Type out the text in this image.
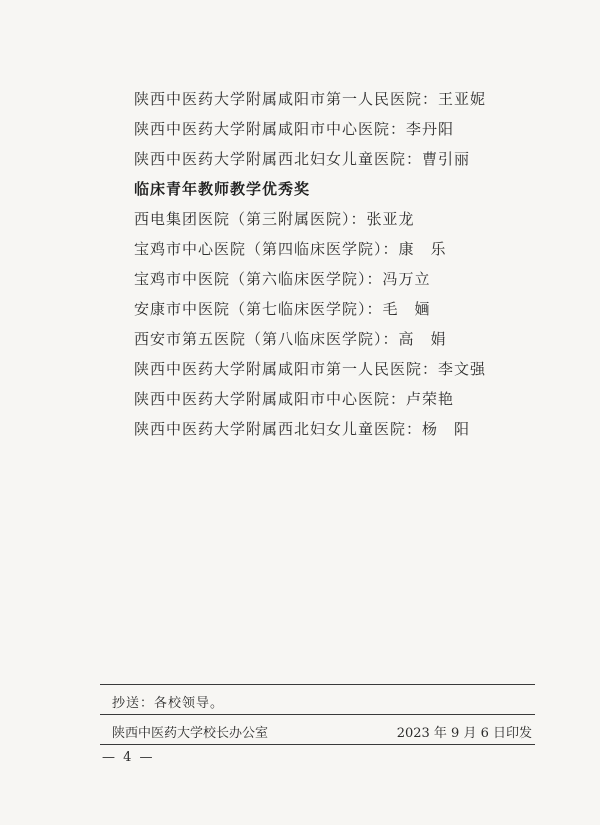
陕西中医药大学附属咸阳市第一人民医院：王亚妮
陕西中医药大学附属咸阳市中心医院：李丹阳
陕西中医药大学附属西北妇女儿童医院：曹引丽
临床青年教师教学优秀奖
西电集团医院（第三附属医院）：张亚龙
宝鸡市中心医院（第四临床医学院）：康　乐
宝鸡市中医院（第六临床医学院）：冯万立
安康市中医院（第七临床医学院）：毛　婳
西安市第五医院（第八临床医学院）：高　娟
陕西中医药大学附属咸阳市第一人民医院：李文强
陕西中医药大学附属咸阳市中心医院：卢荣艳
陕西中医药大学附属西北妇女儿童医院：杨　阳
抄送：各校领导。
陕西中医药大学校长办公室	2023 年 9 月 6 日印发
— 4 —
